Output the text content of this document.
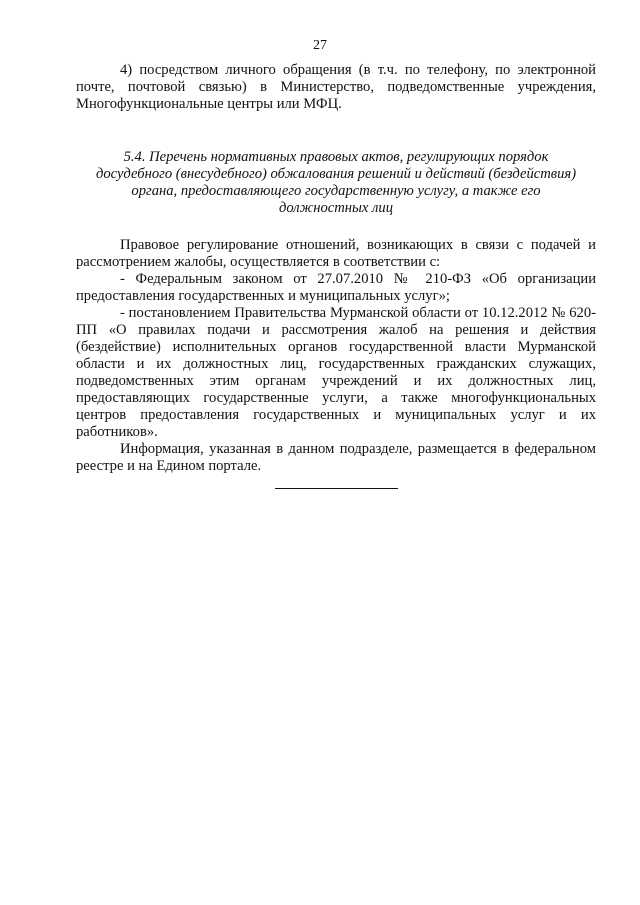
27

4) посредством личного обращения (в т.ч. по телефону, по электронной почте, почтовой связью) в Министерство, подведомственные учреждения, Многофункциональные центры или МФЦ.

5.4. Перечень нормативных правовых актов, регулирующих порядок досудебного (внесудебного) обжалования решений и действий (бездействия) органа, предоставляющего государственную услугу, а также его должностных лиц

Правовое регулирование отношений, возникающих в связи с подачей и рассмотрением жалобы, осуществляется в соответствии с:

- Федеральным законом от 27.07.2010 № 210-ФЗ «Об организации предоставления государственных и муниципальных услуг»;

- постановлением Правительства Мурманской области от 10.12.2012 № 620-ПП «О правилах подачи и рассмотрения жалоб на решения и действия (бездействие) исполнительных органов государственной власти Мурманской области и их должностных лиц, государственных гражданских служащих, подведомственных этим органам учреждений и их должностных лиц, предоставляющих государственные услуги, а также многофункциональных центров предоставления государственных и муниципальных услуг и их работников».

Информация, указанная в данном подразделе, размещается в федеральном реестре и на Едином портале.
